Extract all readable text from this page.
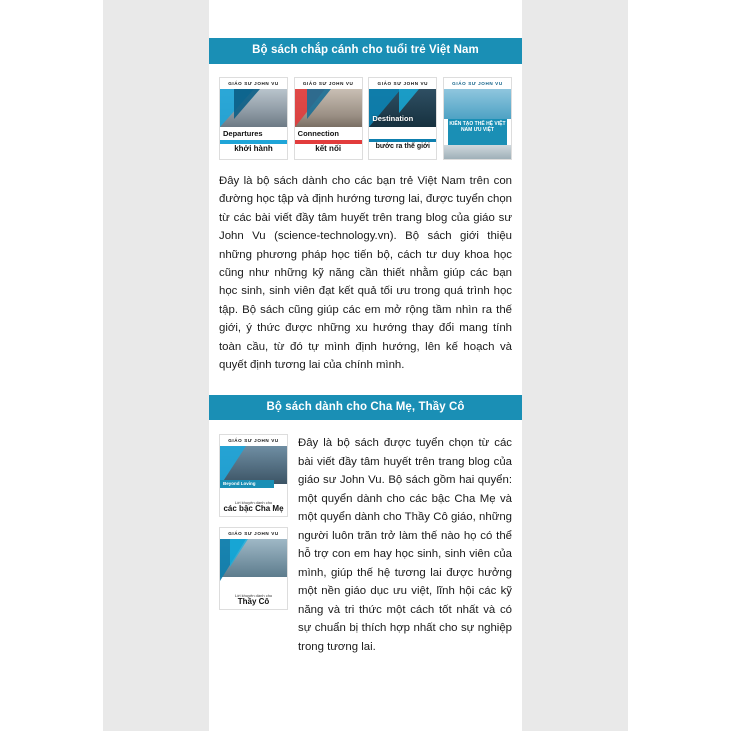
Bộ sách chắp cánh cho tuổi trẻ Việt Nam
GIÁO SƯ JOHN VU
Departures
khởi hành
GIÁO SƯ JOHN VU
Connection
kết nối
GIÁO SƯ JOHN VU
Destination
bước ra thế giới
GIÁO SƯ JOHN VU
KIẾN TẠO THẾ HỆ VIỆT NAM ƯU VIỆT
Đây là bộ sách dành cho các bạn trẻ Việt Nam trên con đường học tập và định hướng tương lai, được tuyển chọn từ các bài viết đầy tâm huyết trên trang blog của giáo sư John Vu (science-technology.vn). Bộ sách giới thiệu những phương pháp học tiến bộ, cách tư duy khoa học cũng như những kỹ năng cần thiết nhằm giúp các bạn học sinh, sinh viên đạt kết quả tối ưu trong quá trình học tập. Bộ sách cũng giúp các em mở rộng tầm nhìn ra thế giới, ý thức được những xu hướng thay đổi mang tính toàn cầu, từ đó tự mình định hướng, lên kế hoạch và quyết định tương lai của chính mình.
Bộ sách dành cho Cha Mẹ, Thầy Cô
GIÁO SƯ JOHN VU
Beyond Loving
Lời khuyên dành cho
các bậc Cha Mẹ
GIÁO SƯ JOHN VU
Lời khuyên dành cho
Thầy Cô
Đây là bộ sách được tuyển chọn từ các bài viết đầy tâm huyết trên trang blog của giáo sư John Vu. Bộ sách gồm hai quyển: một quyển dành cho các bậc Cha Mẹ và một quyển dành cho Thầy Cô giáo, những người luôn trăn trở làm thế nào họ có thể hỗ trợ con em hay học sinh, sinh viên của mình, giúp thế hệ tương lai được hưởng một nền giáo dục ưu việt, lĩnh hội các kỹ năng và tri thức một cách tốt nhất và có sự chuẩn bị thích hợp nhất cho sự nghiệp trong tương lai.
